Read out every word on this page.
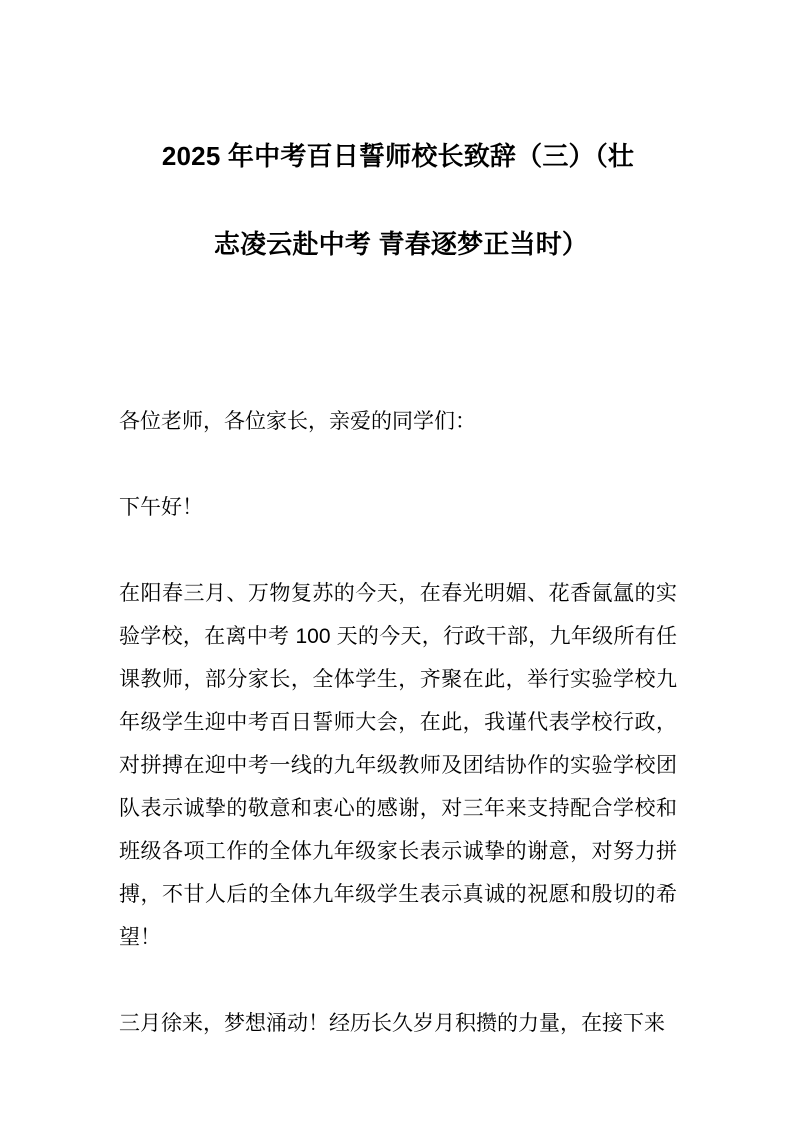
2025 年中考百日誓师校长致辞（三）（壮
志凌云赴中考 青春逐梦正当时）

各位老师，各位家长，亲爱的同学们：

下午好！

在阳春三月、万物复苏的今天，在春光明媚、花香氤氲的实验学校，在离中考 100 天的今天，行政干部，九年级所有任课教师，部分家长，全体学生，齐聚在此，举行实验学校九年级学生迎中考百日誓师大会，在此，我谨代表学校行政，对拼搏在迎中考一线的九年级教师及团结协作的实验学校团队表示诚挚的敬意和衷心的感谢，对三年来支持配合学校和班级各项工作的全体九年级家长表示诚挚的谢意，对努力拼搏，不甘人后的全体九年级学生表示真诚的祝愿和殷切的希望！

三月徐来，梦想涌动！经历长久岁月积攒的力量，在接下来
